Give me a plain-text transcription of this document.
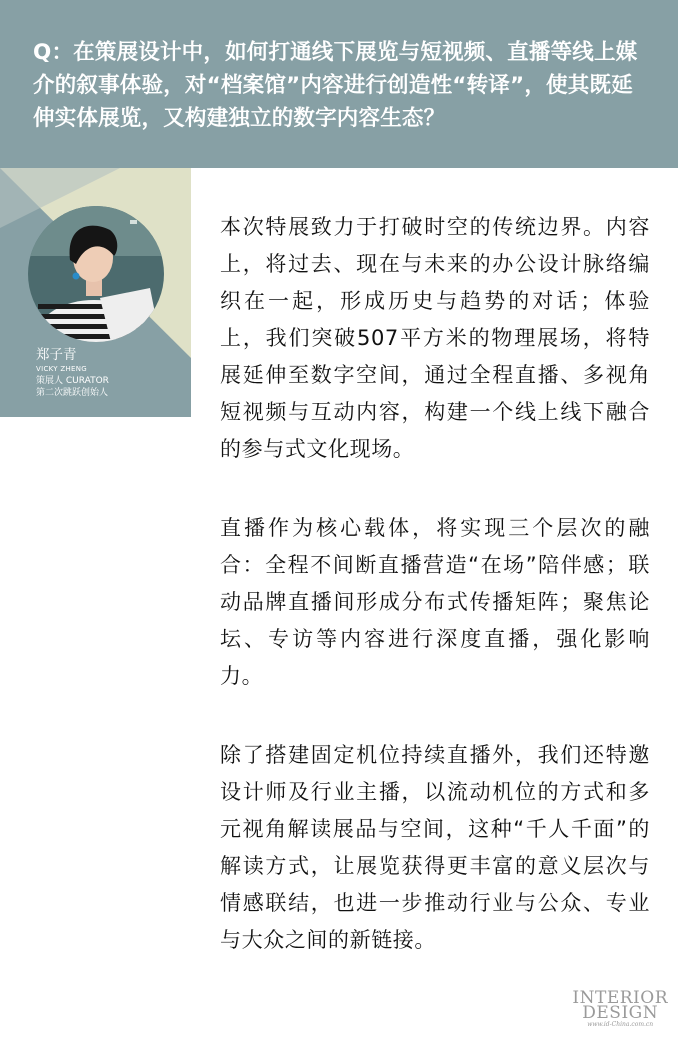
Q：在策展设计中，如何打通线下展览与短视频、直播等线上媒介的叙事体验，对“档案馆”内容进行创造性“转译”，使其既延伸实体展览，又构建独立的数字内容生态？

郑子青

VICKY ZHENG

策展人 CURATOR

第二次跳跃创始人

本次特展致力于打破时空的传统边界。内容上，将过去、现在与未来的办公设计脉络编织在一起，形成历史与趋势的对话；体验上，我们突破507平方米的物理展场，将特展延伸至数字空间，通过全程直播、多视角短视频与互动内容，构建一个线上线下融合的参与式文化现场。

直播作为核心载体，将实现三个层次的融合：全程不间断直播营造“在场”陪伴感；联动品牌直播间形成分布式传播矩阵；聚焦论坛、专访等内容进行深度直播，强化影响力。

除了搭建固定机位持续直播外，我们还特邀设计师及行业主播，以流动机位的方式和多元视角解读展品与空间，这种“千人千面”的解读方式，让展览获得更丰富的意义层次与情感联结，也进一步推动行业与公众、专业与大众之间的新链接。

INTERIOR
DESIGN
www.id-China.com.cn
